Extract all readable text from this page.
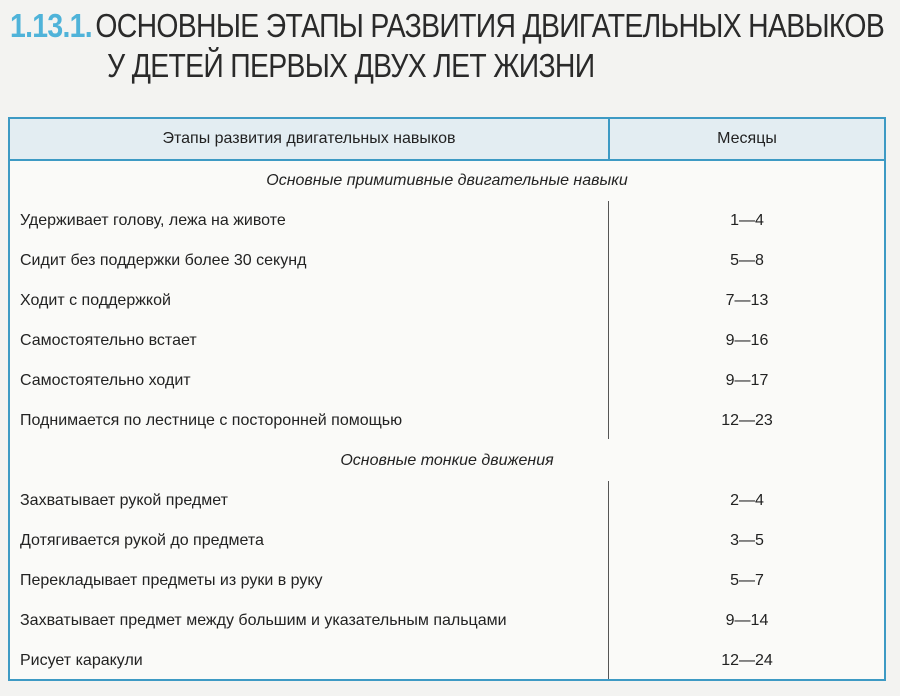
1.13.1. ОСНОВНЫЕ ЭТАПЫ РАЗВИТИЯ ДВИГАТЕЛЬНЫХ НАВЫКОВ
У ДЕТЕЙ ПЕРВЫХ ДВУХ ЛЕТ ЖИЗНИ
Этапы развития двигательных навыков	Месяцы
Основные примитивные двигательные навыки
Удерживает голову, лежа на животе	1—4
Сидит без поддержки более 30 секунд	5—8
Ходит с поддержкой	7—13
Самостоятельно встает	9—16
Самостоятельно ходит	9—17
Поднимается по лестнице с посторонней помощью	12—23
Основные тонкие движения
Захватывает рукой предмет	2—4
Дотягивается рукой до предмета	3—5
Перекладывает предметы из руки в руку	5—7
Захватывает предмет между большим и указательным пальцами	9—14
Рисует каракули	12—24
